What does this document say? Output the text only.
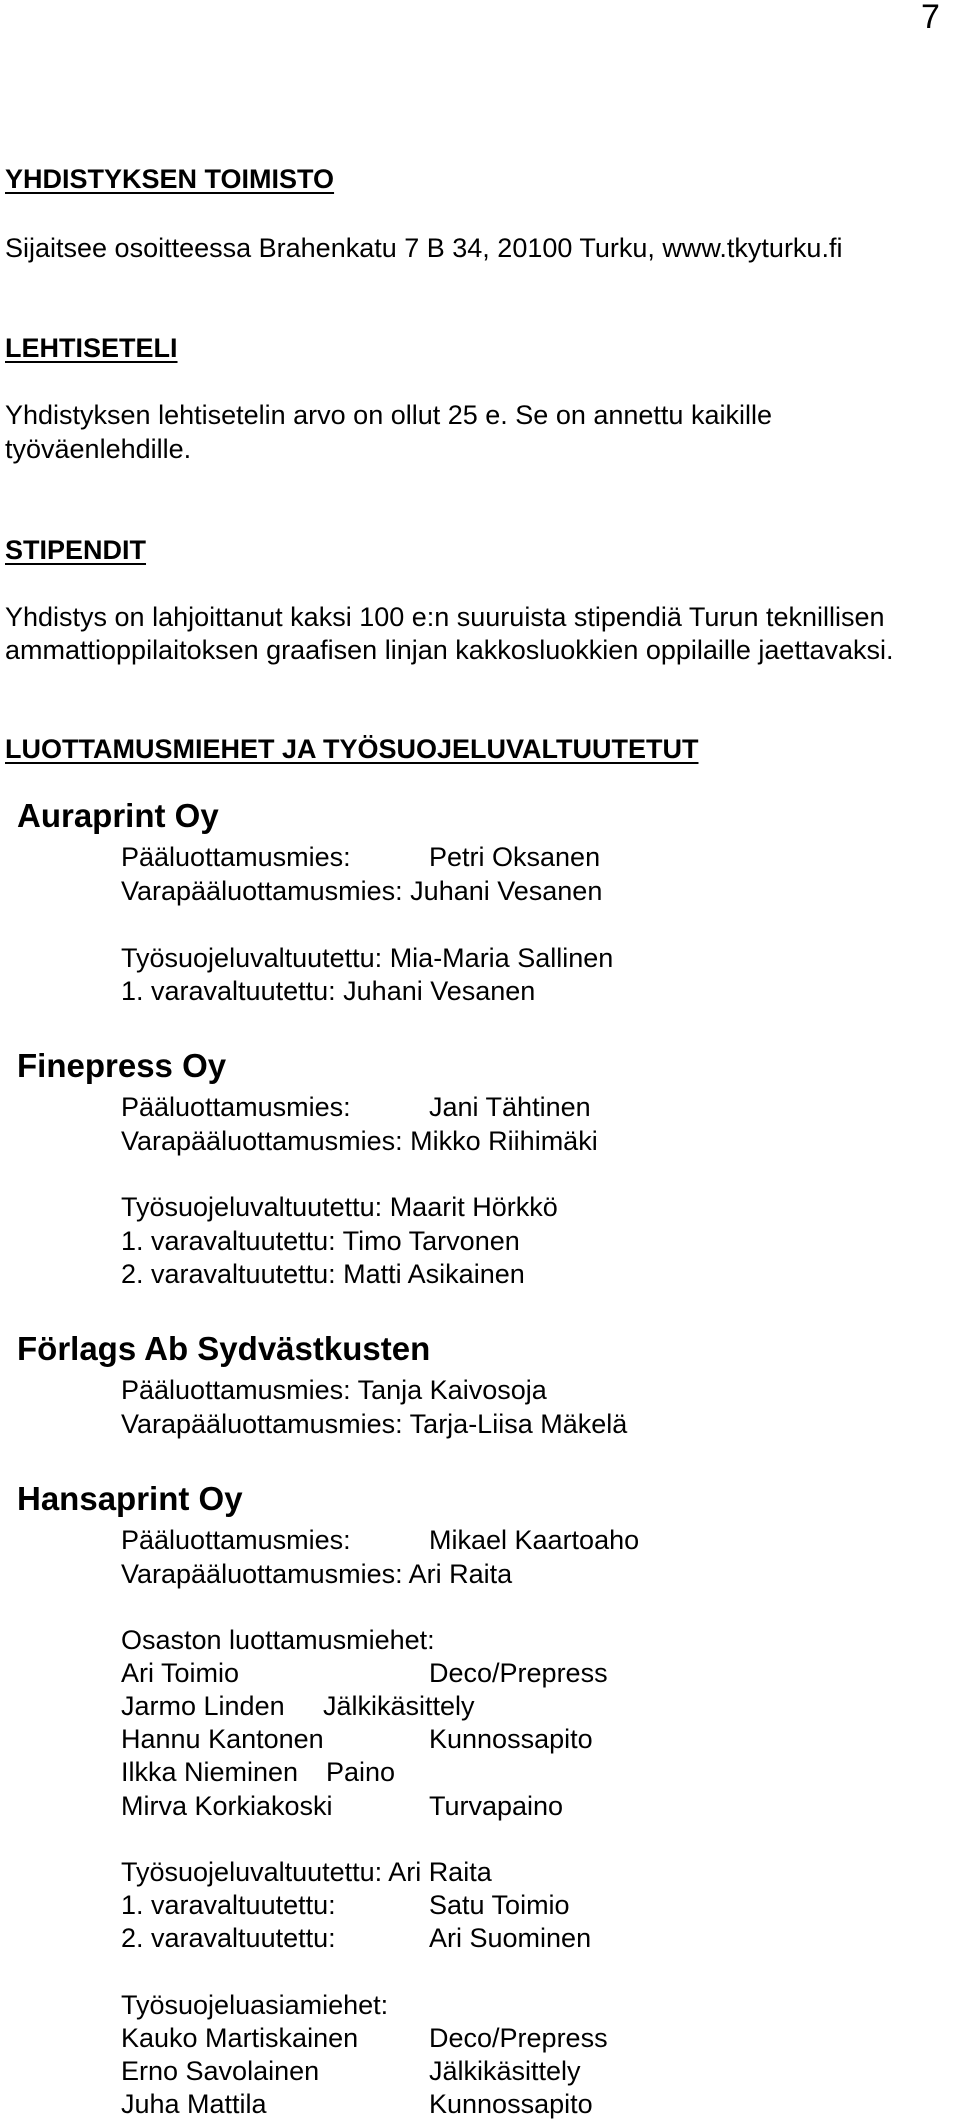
7
YHDISTYKSEN TOIMISTO
Sijaitsee osoitteessa Brahenkatu 7 B 34, 20100 Turku, www.tkyturku.fi
LEHTISETELI
Yhdistyksen lehtisetelin arvo on ollut 25 e. Se on annettu kaikille
työväenlehdille.
STIPENDIT
Yhdistys on lahjoittanut kaksi 100 e:n suuruista stipendiä Turun teknillisen
ammattioppilaitoksen graafisen linjan kakkosluokkien oppilaille jaettavaksi.
LUOTTAMUSMIEHET JA TYÖSUOJELUVALTUUTETUT
Auraprint Oy
Pääluottamusmies:	Petri Oksanen
Varapääluottamusmies: Juhani Vesanen
Työsuojeluvaltuutettu: Mia-Maria Sallinen
1. varavaltuutettu: Juhani Vesanen
Finepress Oy
Pääluottamusmies:	Jani Tähtinen
Varapääluottamusmies: Mikko Riihimäki
Työsuojeluvaltuutettu: Maarit Hörkkö
1. varavaltuutettu: Timo Tarvonen
2. varavaltuutettu: Matti Asikainen
Förlags Ab Sydvästkusten
Pääluottamusmies: Tanja Kaivosoja
Varapääluottamusmies: Tarja-Liisa Mäkelä
Hansaprint Oy
Pääluottamusmies:	Mikael Kaartoaho
Varapääluottamusmies: Ari Raita
Osaston luottamusmiehet:
Ari Toimio	Deco/Prepress
Jarmo Linden Jälkikäsittely
Hannu Kantonen	Kunnossapito
Ilkka Nieminen Paino
Mirva Korkiakoski	Turvapaino
Työsuojeluvaltuutettu: Ari Raita
1. varavaltuutettu:	Satu Toimio
2. varavaltuutettu:	Ari Suominen
Työsuojeluasiamiehet:
Kauko Martiskainen	Deco/Prepress
Erno Savolainen	Jälkikäsittely
Juha Mattila	Kunnossapito
